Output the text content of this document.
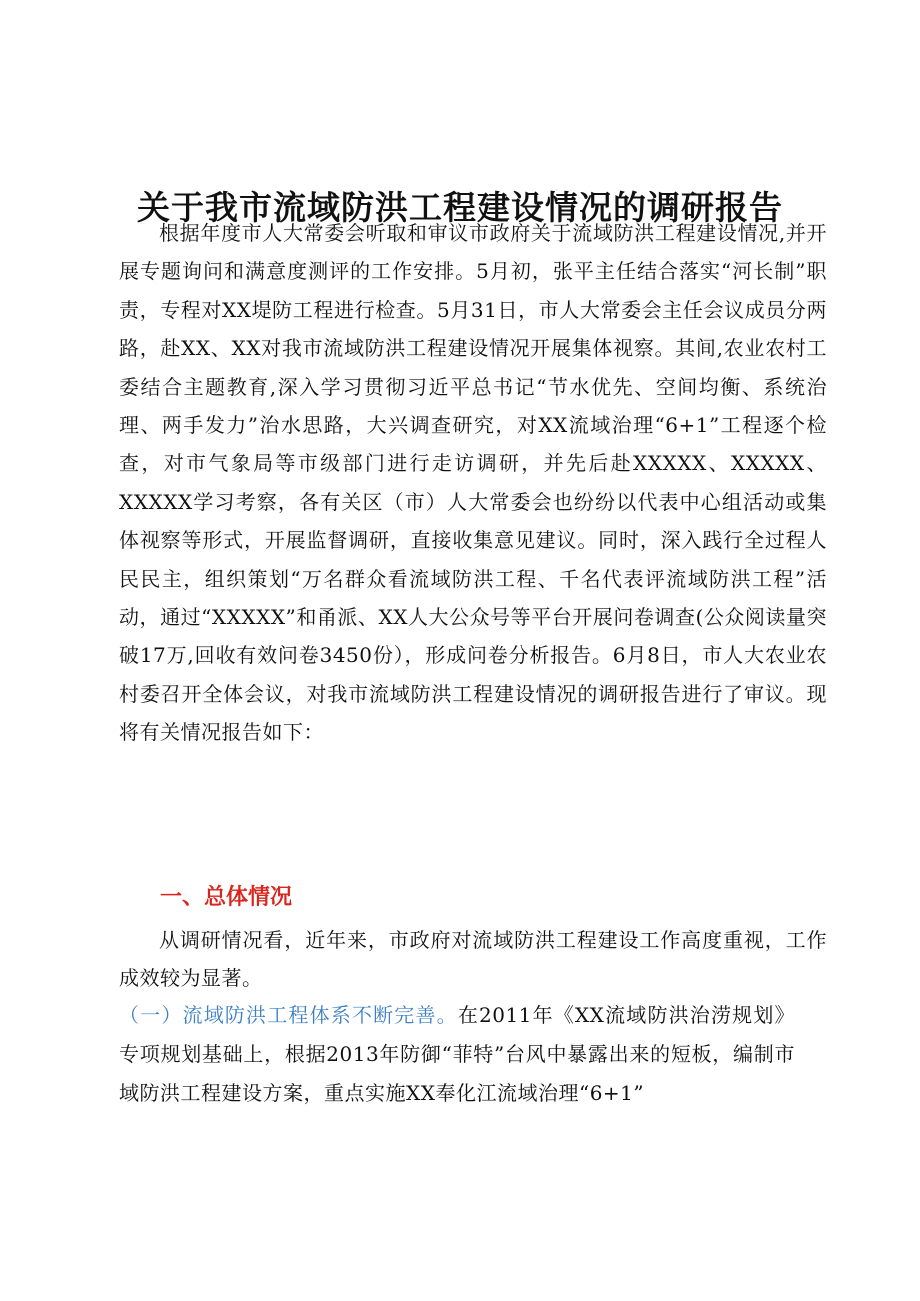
关于我市流域防洪工程建设情况的调研报告

根据年度市人大常委会听取和审议市政府关于流域防洪工程建设情况,并开展专题询问和满意度测评的工作安排。5月初，张平主任结合落实“河长制”职责，专程对XX堤防工程进行检查。5月31日，市人大常委会主任会议成员分两路，赴XX、XX对我市流域防洪工程建设情况开展集体视察。其间,农业农村工委结合主题教育,深入学习贯彻习近平总书记“节水优先、空间均衡、系统治理、两手发力”治水思路，大兴调查研究，对XX流域治理“6+1”工程逐个检查，对市气象局等市级部门进行走访调研，并先后赴XXXXX、XXXXX、XXXXX学习考察，各有关区（市）人大常委会也纷纷以代表中心组活动或集体视察等形式，开展监督调研，直接收集意见建议。同时，深入践行全过程人民民主，组织策划“万名群众看流域防洪工程、千名代表评流域防洪工程”活动，通过“XXXXX”和甬派、XX人大公众号等平台开展问卷调查(公众阅读量突破17万,回收有效问卷3450份），形成问卷分析报告。6月8日，市人大农业农村委召开全体会议，对我市流域防洪工程建设情况的调研报告进行了审议。现将有关情况报告如下：

一、总体情况

从调研情况看，近年来，市政府对流域防洪工程建设工作高度重视，工作成效较为显著。

（一）流域防洪工程体系不断完善。在2011年《XX流域防洪治涝规划》专项规划基础上，根据2013年防御“菲特”台风中暴露出来的短板，编制市域防洪工程建设方案，重点实施XX奉化江流域治理“6+1”
